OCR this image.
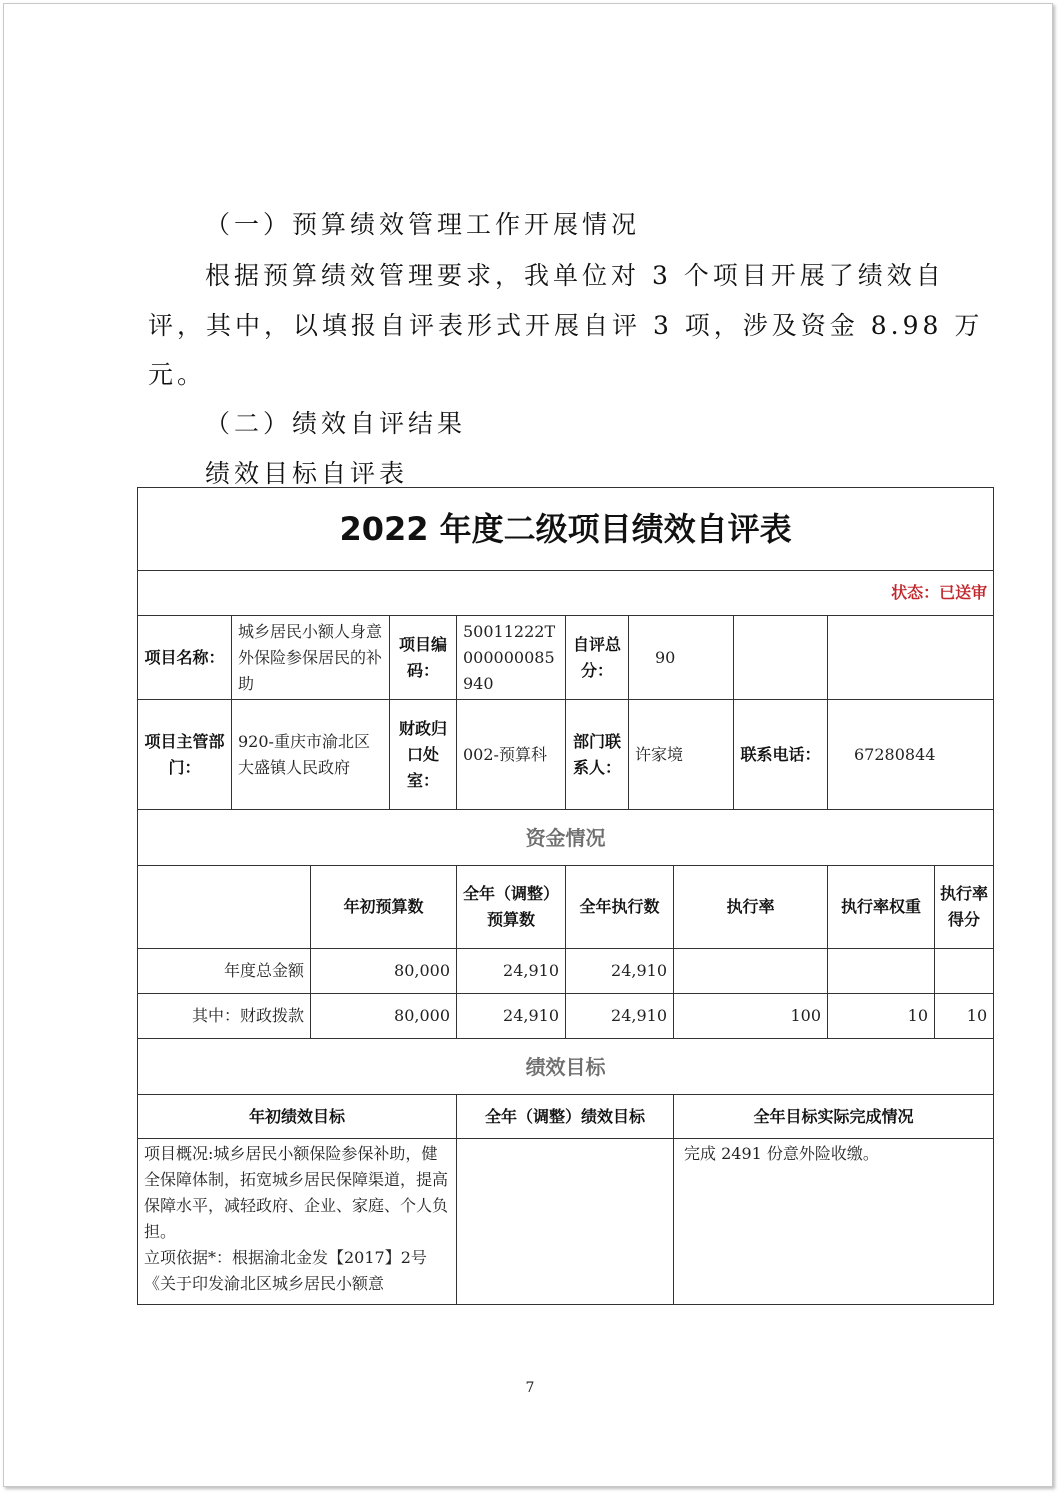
（一）预算绩效管理工作开展情况
根据预算绩效管理要求，我单位对 3 个项目开展了绩效自
评，其中，以填报自评表形式开展自评 3 项，涉及资金 8.98 万
元。
（二）绩效自评结果
绩效目标自评表
2022 年度二级项目绩效自评表										
状态：已送审										
项目名称：	城乡居民小额人身意外保险参保居民的补助		项目编码：	50011222T000000085940	自评总分：	90				
项目主管部门：	920-重庆市渝北区大盛镇人民政府		财政归口处室：	002-预算科	部门联系人：	许家境		联系电话：	67280844	
资金情况										
		年初预算数		全年（调整）预算数	全年执行数		执行率		执行率权重	执行率得分
年度总金额		80,000		24,910	24,910					
其中：财政拨款		80,000		24,910	24,910		100		10	10
绩效目标										
年初绩效目标				全年（调整）绩效目标			全年目标实际完成情况			

项目概况:城乡居民小额保险参保补助，健全保障体制，拓宽城乡居民保障渠道，提高保障水平，减轻政府、企业、家庭、个人负担。
立项依据*：根据渝北金发【2017】2号《关于印发渝北区城乡居民小额意							完成 2491 份意外险收缴。			
7
